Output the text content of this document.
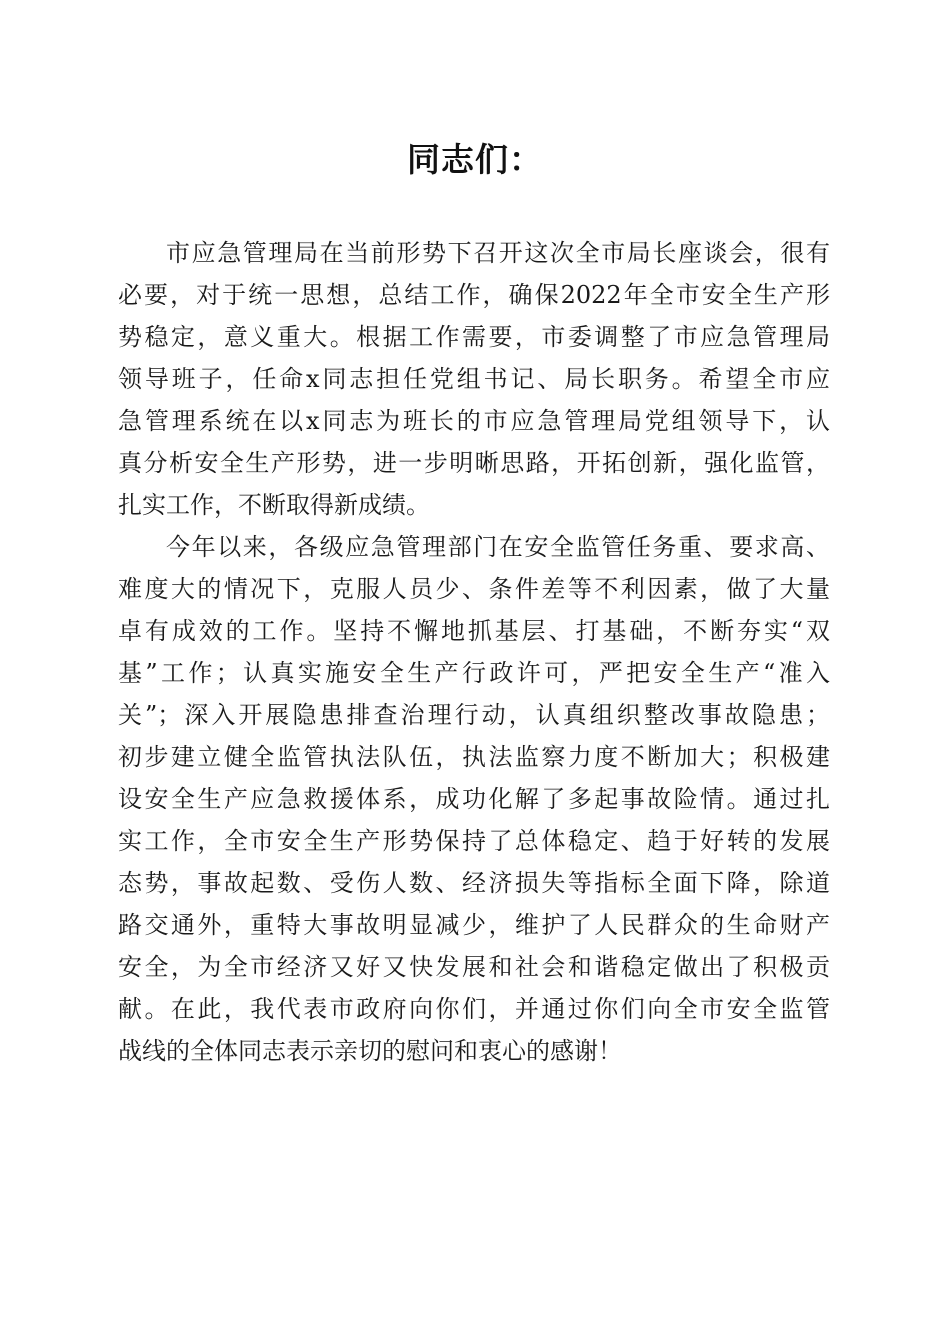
同志们：
市应急管理局在当前形势下召开这次全市局长座谈会，很有
必要，对于统一思想，总结工作，确保2022年全市安全生产形
势稳定，意义重大。根据工作需要，市委调整了市应急管理局
领导班子，任命x同志担任党组书记、局长职务。希望全市应
急管理系统在以x同志为班长的市应急管理局党组领导下，认
真分析安全生产形势，进一步明晰思路，开拓创新，强化监管，
扎实工作，不断取得新成绩。
今年以来，各级应急管理部门在安全监管任务重、要求高、
难度大的情况下，克服人员少、条件差等不利因素，做了大量
卓有成效的工作。坚持不懈地抓基层、打基础，不断夯实“双
基”工作；认真实施安全生产行政许可，严把安全生产“准入
关”；深入开展隐患排查治理行动，认真组织整改事故隐患；
初步建立健全监管执法队伍，执法监察力度不断加大；积极建
设安全生产应急救援体系，成功化解了多起事故险情。通过扎
实工作，全市安全生产形势保持了总体稳定、趋于好转的发展
态势，事故起数、受伤人数、经济损失等指标全面下降，除道
路交通外，重特大事故明显减少，维护了人民群众的生命财产
安全，为全市经济又好又快发展和社会和谐稳定做出了积极贡
献。在此，我代表市政府向你们，并通过你们向全市安全监管
战线的全体同志表示亲切的慰问和衷心的感谢！
